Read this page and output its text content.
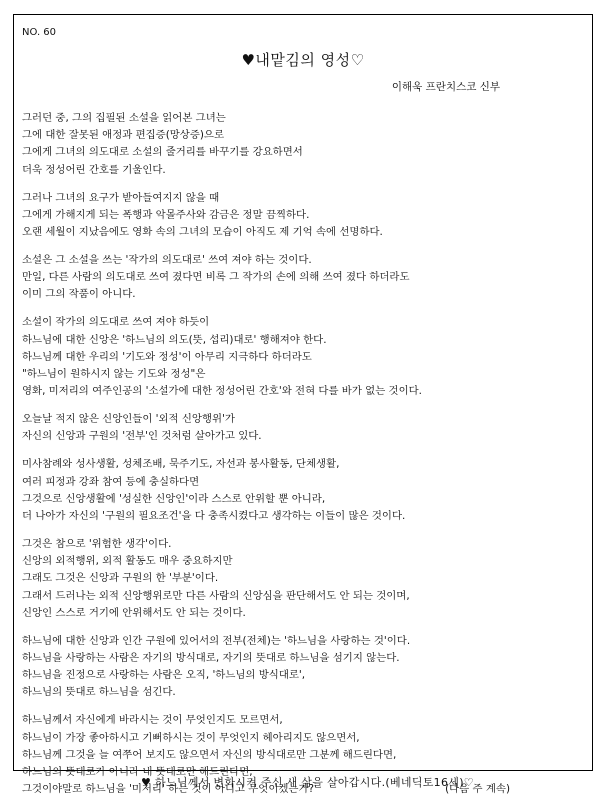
NO. 60
♥내맡김의 영성♡
이해욱 프란치스코 신부
그러던 중, 그의 집필된 소설을 읽어본 그녀는
그에 대한 잘못된 애정과 편집증(망상증)으로
그에게 그녀의 의도대로 소설의 줄거리를 바꾸기를 강요하면서
더욱 정성어린 간호를 기울인다.
그러나 그녀의 요구가 받아들여지지 않을 때
그에게 가해지게 되는 폭행과 악몰주사와 감금은 정말 끔찍하다.
오랜 세월이 지났음에도 영화 속의 그녀의 모습이 아직도 제 기억 속에 선명하다.
소설은 그 소설을 쓰는 '작가의 의도대로' 쓰여 져야 하는 것이다.
만일, 다른 사람의 의도대로 쓰여 졌다면 비록 그 작가의 손에 의해 쓰여 졌다 하더라도
이미 그의 작품이 아니다.
소설이 작가의 의도대로 쓰여 져야 하듯이
하느님에 대한 신앙은 '하느님의 의도(뜻, 섭리)대로' 행해져야 한다.
하느님께 대한 우리의 '기도와 정성'이 아무리 지극하다 하더라도
"하느님이 원하시지 않는 기도와 정성"은
영화, 미저리의 여주인공의 '소설가에 대한 정성어린 간호'와 전혀 다를 바가 없는 것이다.
오늘날 적지 않은 신앙인들이 '외적 신앙행위'가
자신의 신앙과 구원의 '전부'인 것처럼 살아가고 있다.
미사참례와 성사생활, 성체조배, 묵주기도, 자선과 봉사활동, 단체생활,
여러 피정과 강좌 참여 등에 충실하다면
그것으로 신앙생활에 '성실한 신앙인'이라 스스로 안위할 뿐 아니라,
더 나아가 자신의 '구원의 필요조건'을 다 충족시켰다고 생각하는 이들이 많은 것이다.
그것은 참으로 '위험한 생각'이다.
신앙의 외적행위, 외적 활동도 매우 중요하지만
그래도 그것은 신앙과 구원의 한 '부분'이다.
그래서 드러나는 외적 신앙행위로만 다른 사람의 신앙심을 판단해서도 안 되는 것이며,
신앙인 스스로 거기에 안위해서도 안 되는 것이다.
하느님에 대한 신앙과 인간 구원에 있어서의 전부(전체)는 '하느님을 사랑하는 것'이다.
하느님을 사랑하는 사람은 자기의 방식대로, 자기의 뜻대로 하느님을 섬기지 않는다.
하느님을 진정으로 사랑하는 사람은 오직, '하느님의 방식대로',
하느님의 뜻대로 하느님을 섬긴다.
하느님께서 자신에게 바라시는 것이 무엇인지도 모르면서,
하느님이 가장 좋아하시고 기뻐하시는 것이 무엇인지 헤아리지도 않으면서,
하느님께 그것을 늘 여쭈어 보지도 않으면서 자신의 방식대로만 그분께 해드린다면,
하느님의 뜻대로가 아니라 내 뜻대로만 해드린다면,
그것이야말로 하느님을 '미저리' 하는 것이 아니고 무엇이겠는가?	(다음 주 계속)
♥ 하느님께서 변화시켜 주신 새 삶을 살아갑시다.(베네딕토16세)♡
